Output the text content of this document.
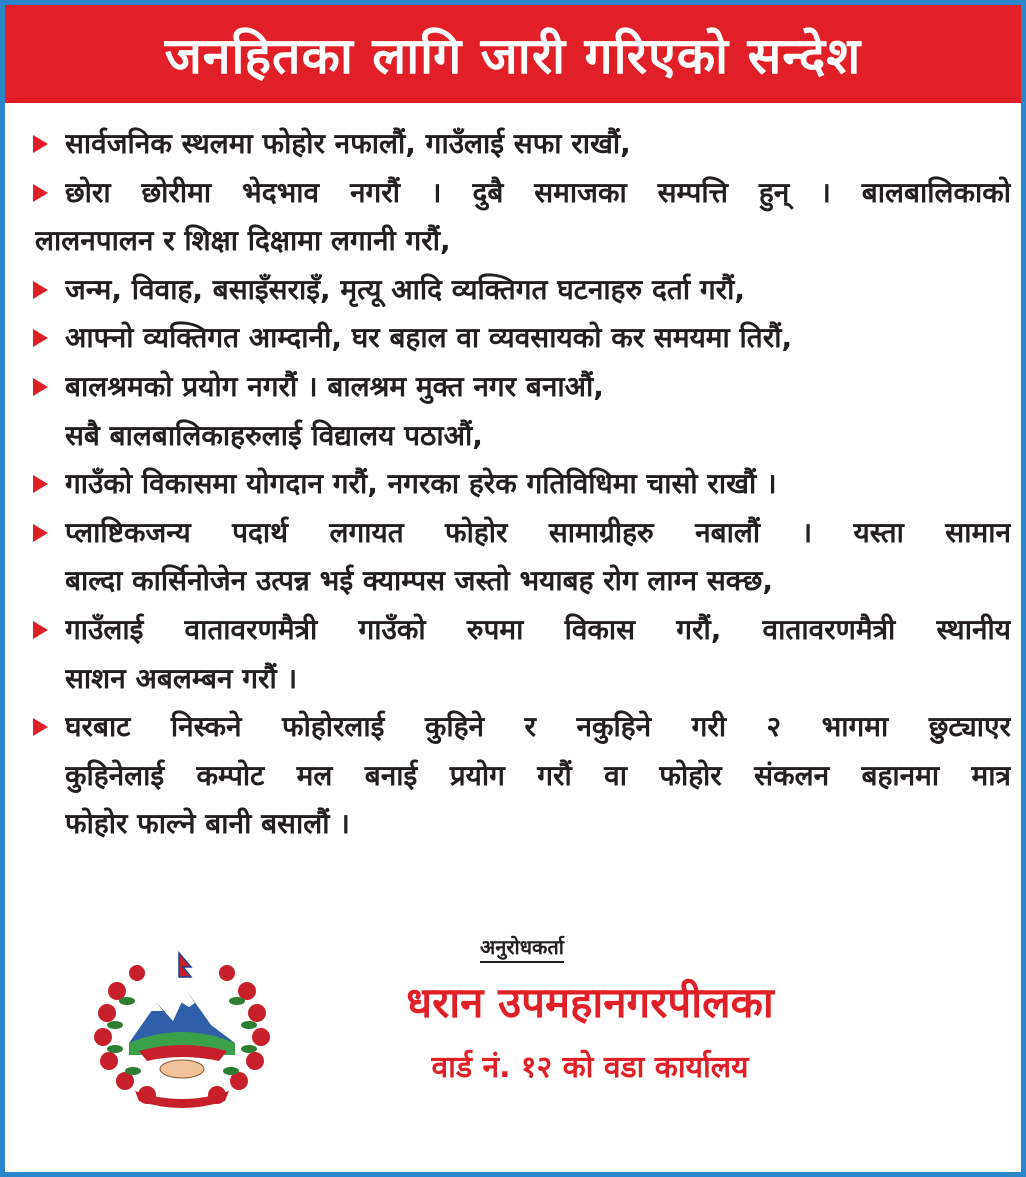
जनहितका लागि जारी गरिएको सन्देश
सार्वजनिक स्थलमा फोहोर नफालौं, गाउँलाई सफा राखौं,
छोरा छोरीमा भेदभाव नगरौं । दुबै समाजका सम्पत्ति हुन् । बालबालिकाको
लालनपालन र शिक्षा दिक्षामा लगानी गरौं,
जन्म, विवाह, बसाइँसराइँ, मृत्यू आदि व्यक्तिगत घटनाहरु दर्ता गरौं,
आफ्नो व्यक्तिगत आम्दानी, घर बहाल वा व्यवसायको कर समयमा तिरौं,
बालश्रमको प्रयोग नगरौं । बालश्रम मुक्त नगर बनाऔं,
सबै बालबालिकाहरुलाई विद्यालय पठाऔं,
गाउँको विकासमा योगदान गरौं, नगरका हरेक गतिविधिमा चासो राखौं ।
प्लाष्टिकजन्य पदार्थ लगायत फोहोर सामाग्रीहरु नबालौं । यस्ता सामान
बाल्दा कार्सिनोजेन उत्पन्न भई क्याम्पस जस्तो भयाबह रोग लाग्न सक्छ,
गाउँलाई वातावरणमैत्री गाउँको रुपमा विकास गरौं, वातावरणमैत्री स्थानीय
साशन अबलम्बन गरौं ।
घरबाट निस्कने फोहोरलाई कुहिने र नकुहिने गरी २ भागमा छुट्याएर
कुहिनेलाई कम्पोट मल बनाई प्रयोग गरौं वा फोहोर संकलन बहानमा मात्र
फोहोर फाल्ने बानी बसालौं ।
अनुरोधकर्ता
धरान उपमहानगरपीलका
वार्ड नं. १२ को वडा कार्यालय
